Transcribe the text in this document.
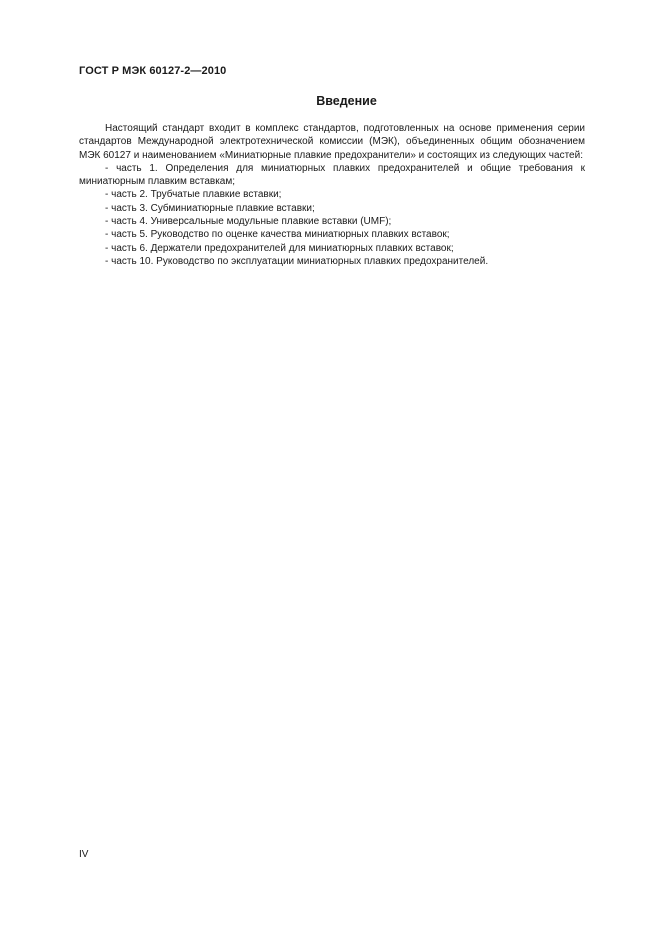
ГОСТ Р МЭК 60127-2—2010
Введение

Настоящий стандарт входит в комплекс стандартов, подготовленных на основе применения серии стандартов Международной электротехнической комиссии (МЭК), объединенных общим обозначением МЭК 60127 и наименованием «Миниатюрные плавкие предохранители» и состоящих из следующих частей:

- часть 1. Определения для миниатюрных плавких предохранителей и общие требования к миниатюрным плавким вставкам;

- часть 2. Трубчатые плавкие вставки;

- часть 3. Субминиатюрные плавкие вставки;

- часть 4. Универсальные модульные плавкие вставки (UMF);

- часть 5. Руководство по оценке качества миниатюрных плавких вставок;

- часть 6. Держатели предохранителей для миниатюрных плавких вставок;

- часть 10. Руководство по эксплуатации миниатюрных плавких предохранителей.

IV
